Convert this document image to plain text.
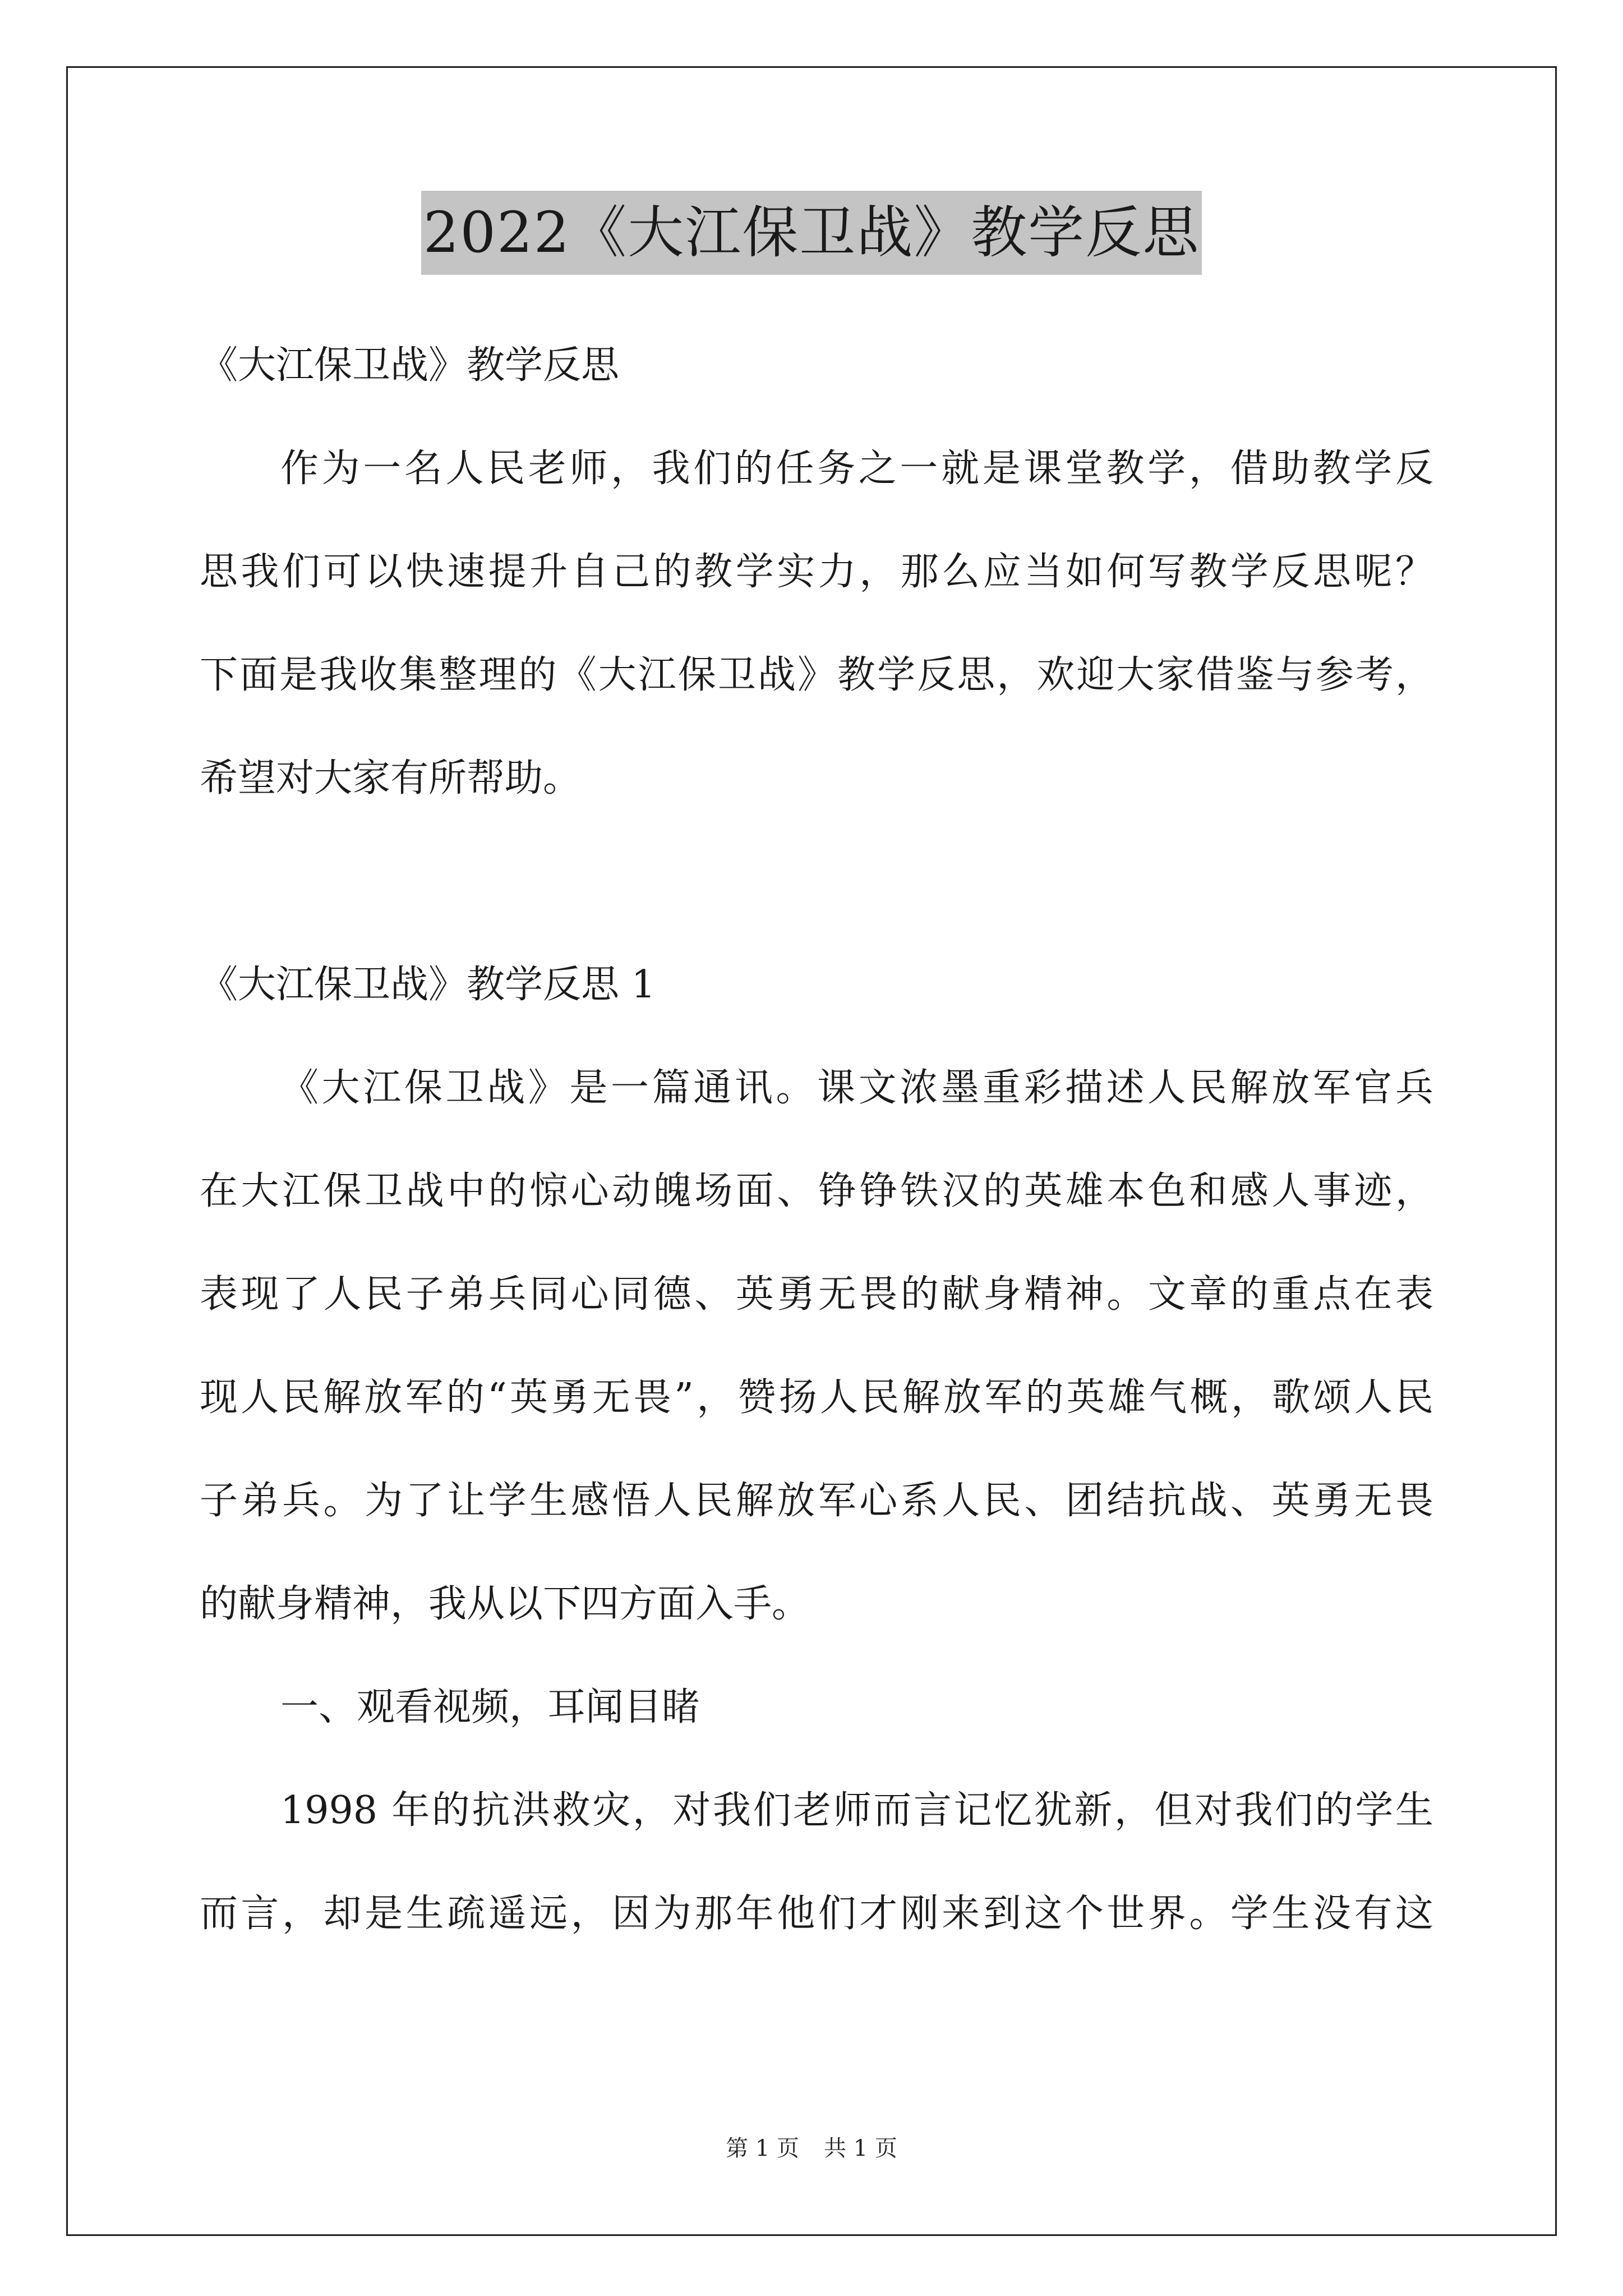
2022《大江保卫战》教学反思
《大江保卫战》教学反思
作为一名人民老师，我们的任务之一就是课堂教学，借助教学反
思我们可以快速提升自己的教学实力，那么应当如何写教学反思呢？
下面是我收集整理的《大江保卫战》教学反思，欢迎大家借鉴与参考，
希望对大家有所帮助。
《大江保卫战》教学反思 1
《大江保卫战》是一篇通讯。课文浓墨重彩描述人民解放军官兵
在大江保卫战中的惊心动魄场面、铮铮铁汉的英雄本色和感人事迹，
表现了人民子弟兵同心同德、英勇无畏的献身精神。文章的重点在表
现人民解放军的“英勇无畏”，赞扬人民解放军的英雄气概，歌颂人民
子弟兵。为了让学生感悟人民解放军心系人民、团结抗战、英勇无畏
的献身精神，我从以下四方面入手。
一、观看视频，耳闻目睹
1998 年的抗洪救灾，对我们老师而言记忆犹新，但对我们的学生
而言，却是生疏遥远，因为那年他们才刚来到这个世界。学生没有这
第 1 页 共 1 页
